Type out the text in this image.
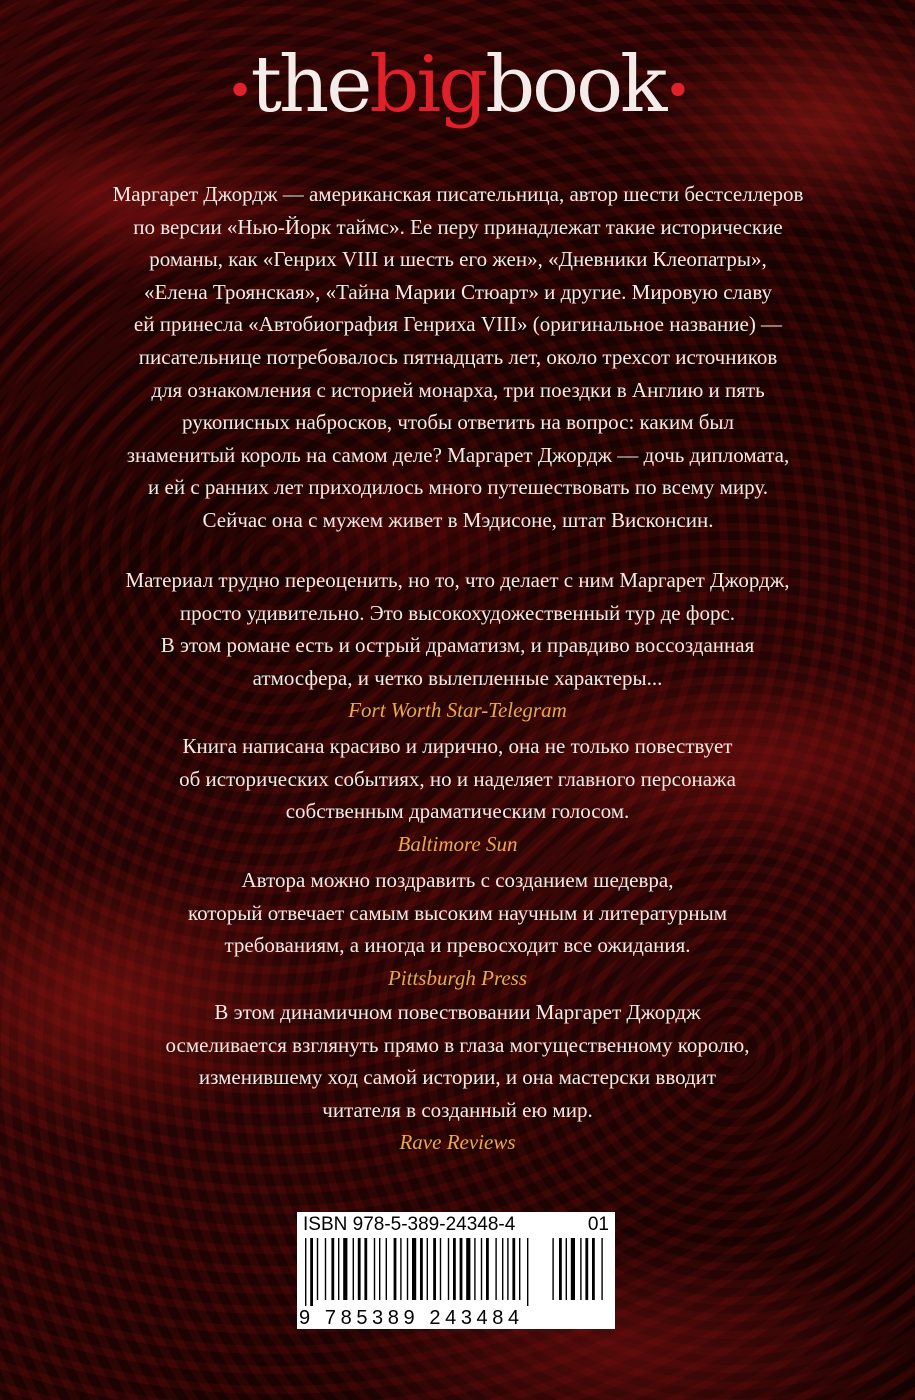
•thebigbook•
Маргарет Джордж — американская писательница, автор шести бестселлеров
по версии «Нью-Йорк таймс». Ее перу принадлежат такие исторические
романы, как «Генрих VIII и шесть его жен», «Дневники Клеопатры»,
«Елена Троянская», «Тайна Марии Стюарт» и другие. Мировую славу
ей принесла «Автобиография Генриха VIII» (оригинальное название) —
писательнице потребовалось пятнадцать лет, около трехсот источников
для ознакомления с историей монарха, три поездки в Англию и пять
рукописных набросков, чтобы ответить на вопрос: каким был
знаменитый король на самом деле? Маргарет Джордж — дочь дипломата,
и ей с ранних лет приходилось много путешествовать по всему миру.
Сейчас она с мужем живет в Мэдисоне, штат Висконсин.
Материал трудно переоценить, но то, что делает с ним Маргарет Джордж,
просто удивительно. Это высокохудожественный тур де форс.
В этом романе есть и острый драматизм, и правдиво воссозданная
атмосфера, и четко вылепленные характеры...
Fort Worth Star-Telegram
Книга написана красиво и лирично, она не только повествует
об исторических событиях, но и наделяет главного персонажа
собственным драматическим голосом.
Baltimore Sun
Автора можно поздравить с созданием шедевра,
который отвечает самым высоким научным и литературным
требованиям, а иногда и превосходит все ожидания.
Pittsburgh Press
В этом динамичном повествовании Маргарет Джордж
осмеливается взглянуть прямо в глаза могущественному королю,
изменившему ход самой истории, и она мастерски вводит
читателя в созданный ею мир.
Rave Reviews
ISBN 978-5-389-24348-4	01
9 785389 243484
